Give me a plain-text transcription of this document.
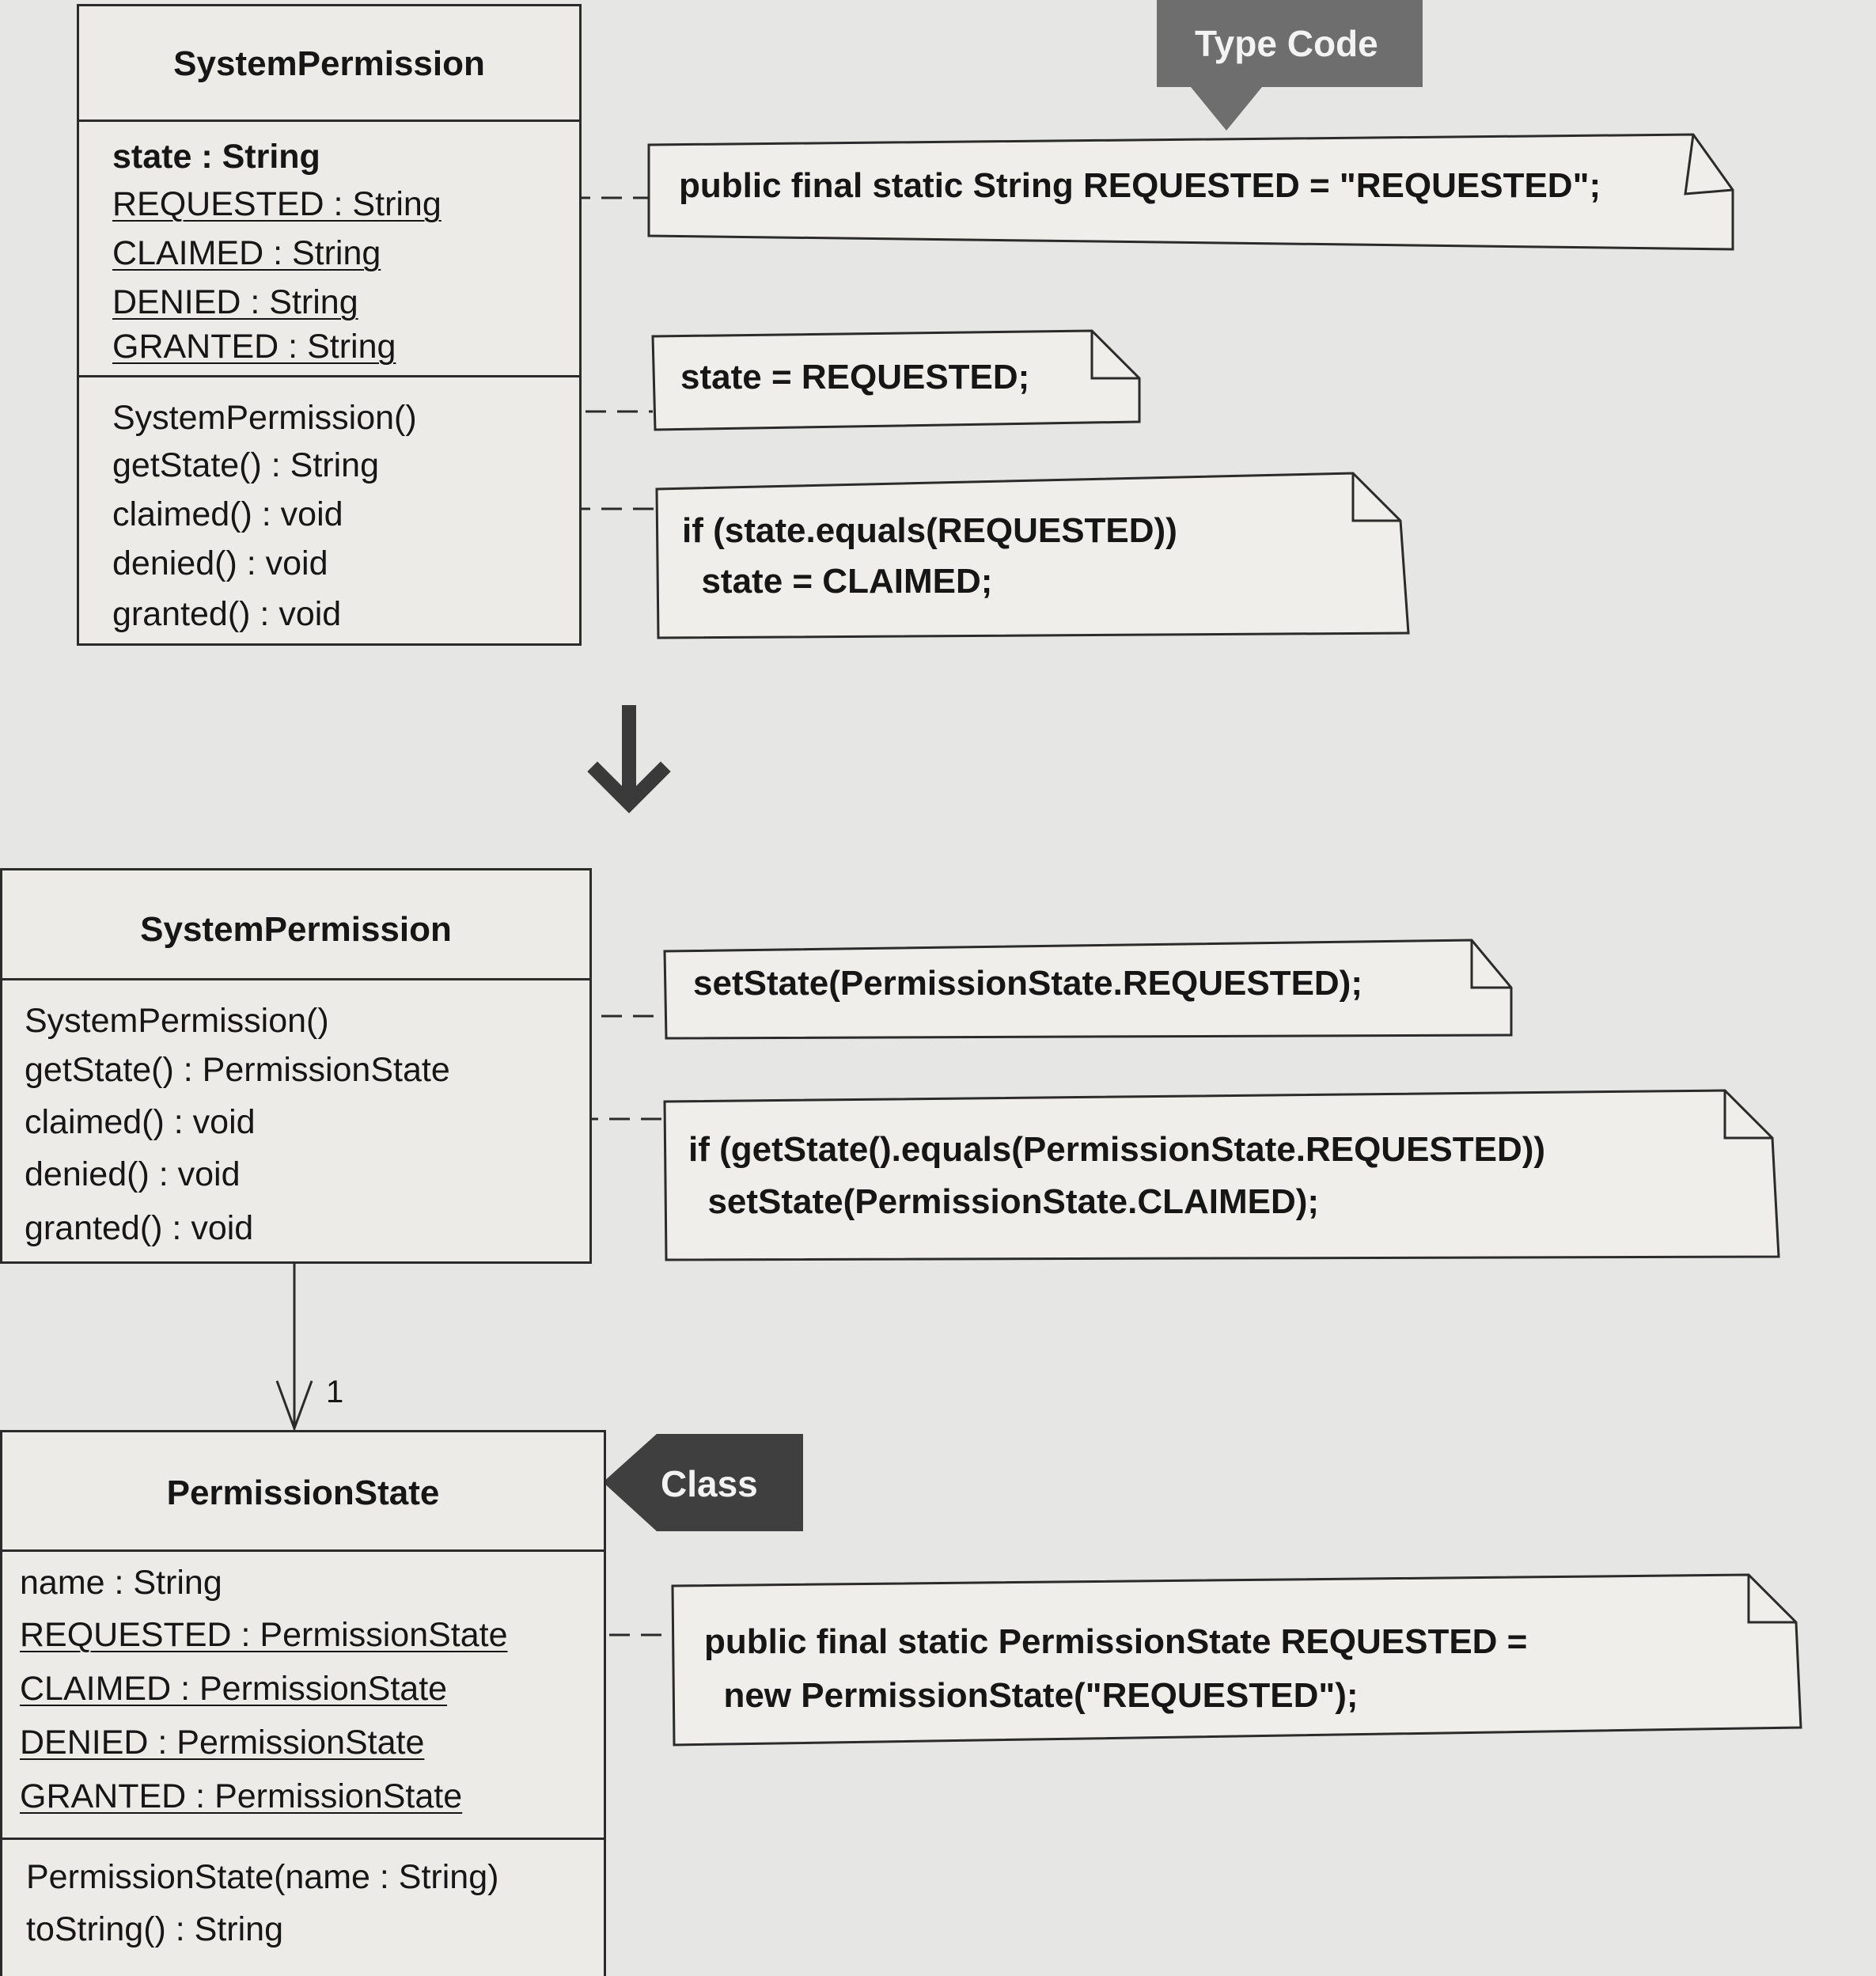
Type Code
Class
SystemPermission
state : String
REQUESTED : String
CLAIMED : String
DENIED : String
GRANTED : String
SystemPermission()
getState() : String
claimed() : void
denied() : void
granted() : void
public final static String REQUESTED = "REQUESTED";
state = REQUESTED;
if (state.equals(REQUESTED))
state = CLAIMED;
SystemPermission
SystemPermission()
getState() : PermissionState
claimed() : void
denied() : void
granted() : void
setState(PermissionState.REQUESTED);
if (getState().equals(PermissionState.REQUESTED))
setState(PermissionState.CLAIMED);
1
PermissionState
name : String
REQUESTED : PermissionState
CLAIMED : PermissionState
DENIED : PermissionState
GRANTED : PermissionState
PermissionState(name : String)
toString() : String
public final static PermissionState REQUESTED =
new PermissionState("REQUESTED");
